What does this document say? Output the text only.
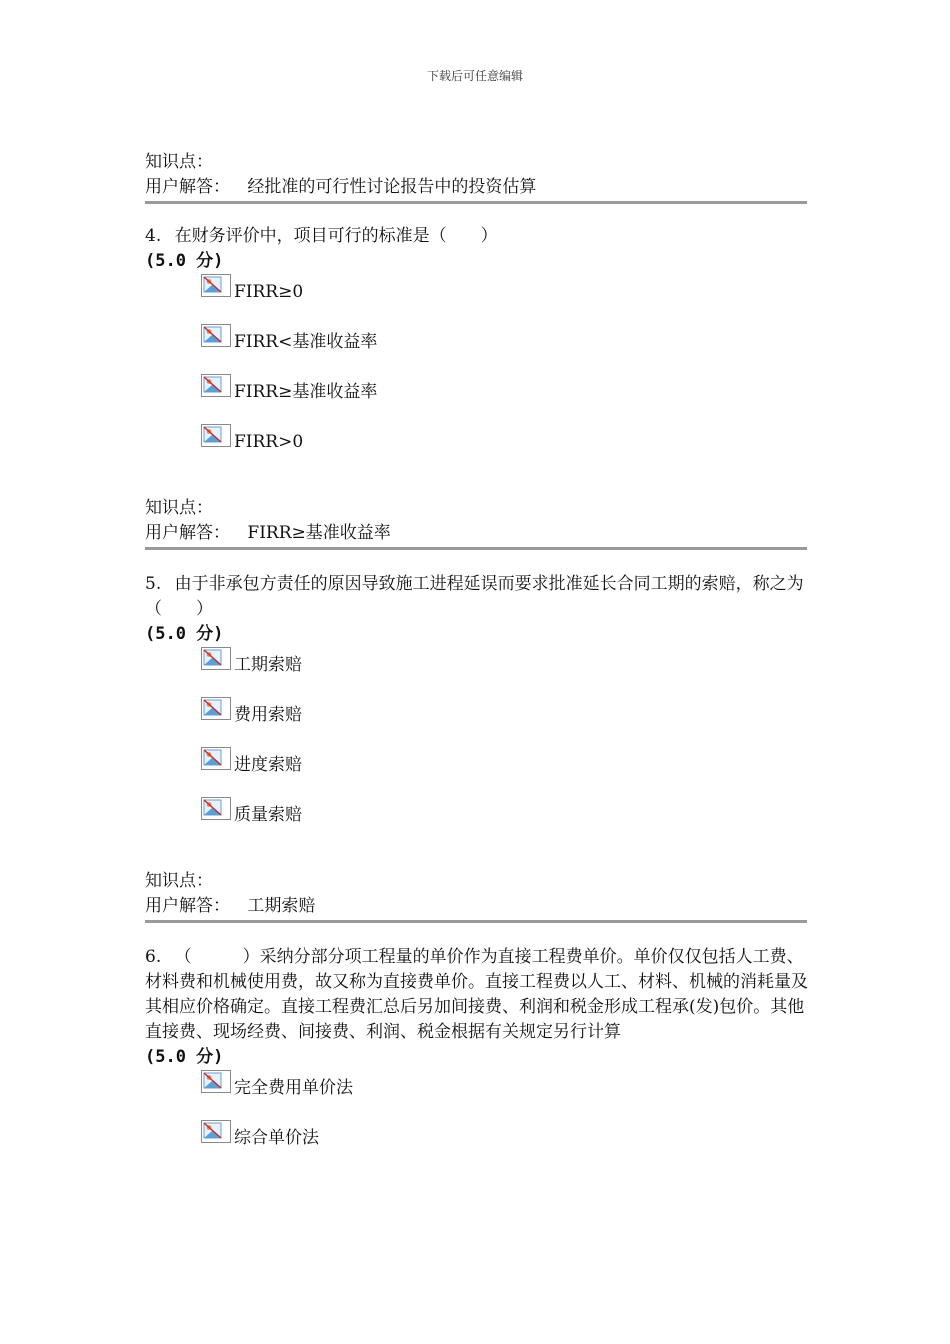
下载后可任意编辑
知识点：
用户解答： 经批准的可行性讨论报告中的投资估算
4. 在财务评价中，项目可行的标准是（　　）
(5.0 分)
FIRR≥0
FIRR<基准收益率
FIRR≥基准收益率
FIRR>0
知识点：
用户解答： FIRR≥基准收益率
5. 由于非承包方责任的原因导致施工进程延误而要求批准延长合同工期的索赔，称之为（　　）
(5.0 分)
工期索赔
费用索赔
进度索赔
质量索赔
知识点：
用户解答： 工期索赔
6. （　　　）采纳分部分项工程量的单价作为直接工程费单价。单价仅仅包括人工费、材料费和机械使用费，故又称为直接费单价。直接工程费以人工、材料、机械的消耗量及其相应价格确定。直接工程费汇总后另加间接费、利润和税金形成工程承(发)包价。其他直接费、现场经费、间接费、利润、税金根据有关规定另行计算
(5.0 分)
完全费用单价法
综合单价法
